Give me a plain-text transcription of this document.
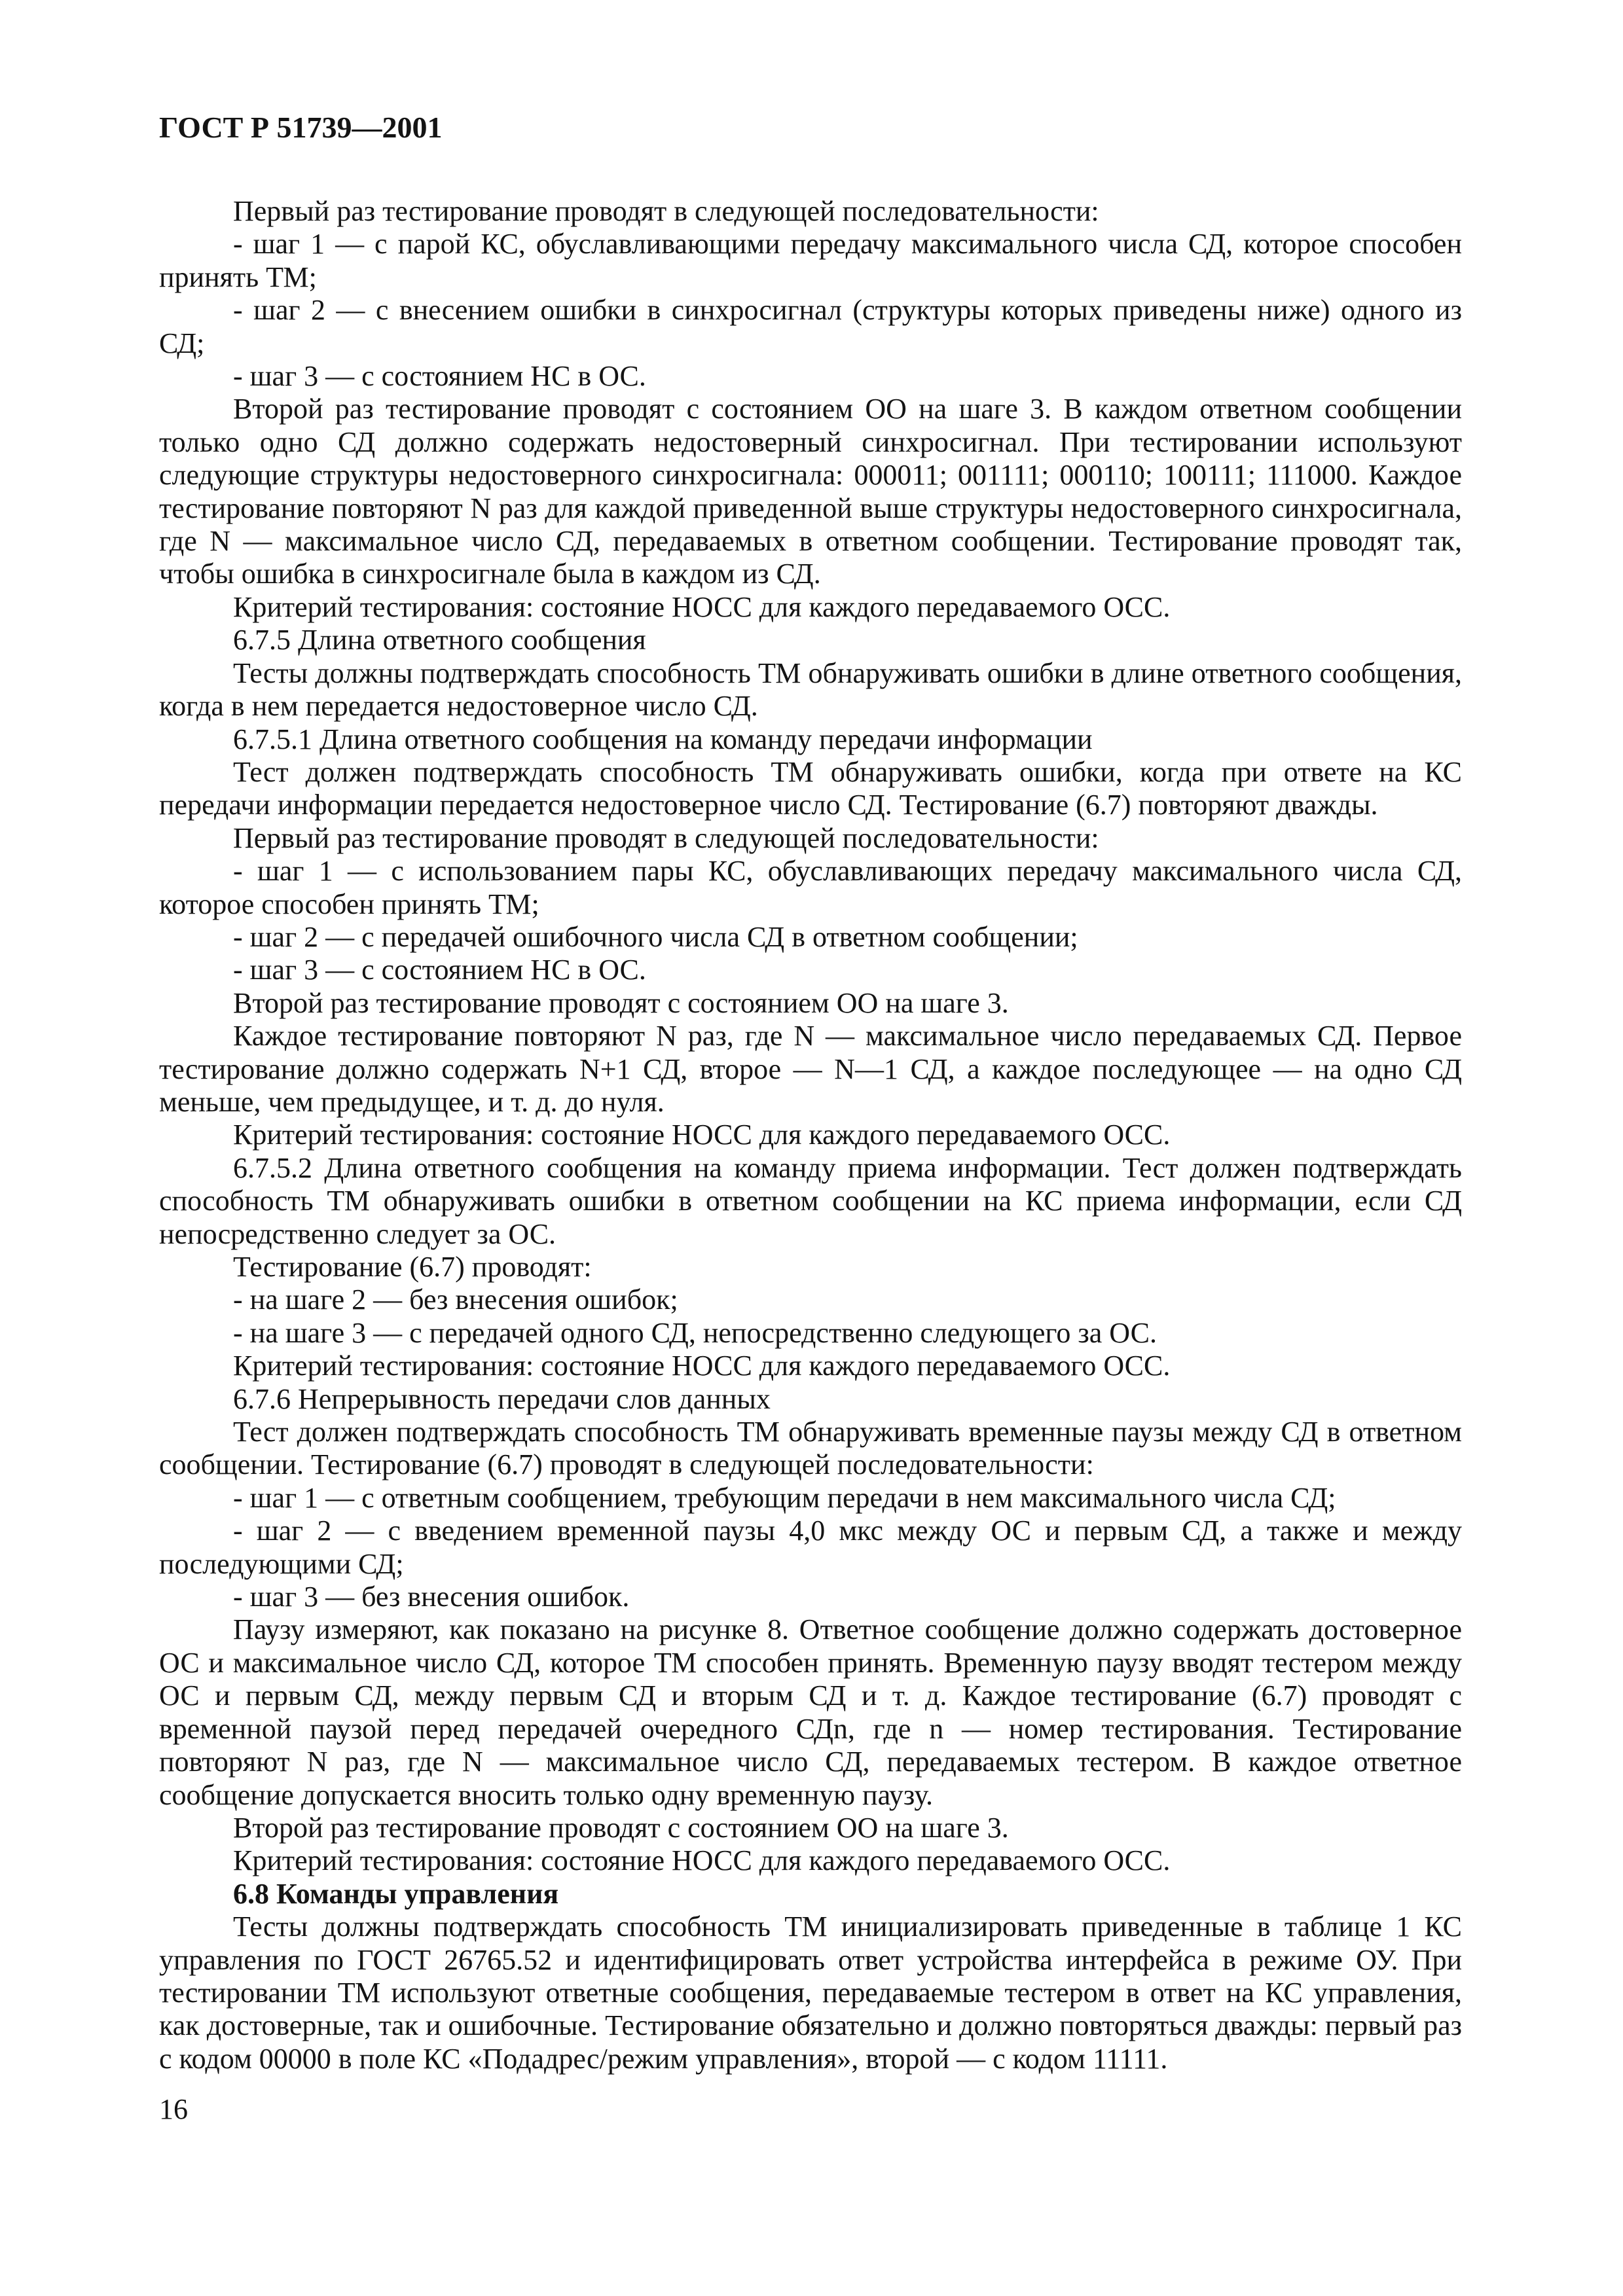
ГОСТ Р 51739—2001

Первый раз тестирование проводят в следующей последовательности:

- шаг 1 — с парой КС, обуславливающими передачу максимального числа СД, которое способен принять ТМ;

- шаг 2 — с внесением ошибки в синхросигнал (структуры которых приведены ниже) одного из СД;

- шаг 3 — с состоянием НС в ОС.

Второй раз тестирование проводят с состоянием ОО на шаге 3. В каждом ответном сообщении только одно СД должно содержать недостоверный синхросигнал. При тестировании используют следующие структуры недостоверного синхросигнала: 000011; 001111; 000110; 100111; 111000. Каждое тестирование повторяют N раз для каждой приведенной выше структуры недостоверного синхросигнала, где N — максимальное число СД, передаваемых в ответном сообщении. Тестирование проводят так, чтобы ошибка в синхросигнале была в каждом из СД.

Критерий тестирования: состояние НОСС для каждого передаваемого ОСС.

6.7.5 Длина ответного сообщения

Тесты должны подтверждать способность ТМ обнаруживать ошибки в длине ответного сообщения, когда в нем передается недостоверное число СД.

6.7.5.1 Длина ответного сообщения на команду передачи информации

Тест должен подтверждать способность ТМ обнаруживать ошибки, когда при ответе на КС передачи информации передается недостоверное число СД. Тестирование (6.7) повторяют дважды.

Первый раз тестирование проводят в следующей последовательности:

- шаг 1 — с использованием пары КС, обуславливающих передачу максимального числа СД, которое способен принять ТМ;

- шаг 2 — с передачей ошибочного числа СД в ответном сообщении;

- шаг 3 — с состоянием НС в ОС.

Второй раз тестирование проводят с состоянием ОО на шаге 3.

Каждое тестирование повторяют N раз, где N — максимальное число передаваемых СД. Первое тестирование должно содержать N+1 СД, второе — N—1 СД, а каждое последующее — на одно СД меньше, чем предыдущее, и т. д. до нуля.

Критерий тестирования: состояние НОСС для каждого передаваемого ОСС.

6.7.5.2 Длина ответного сообщения на команду приема информации. Тест должен подтверждать способность ТМ обнаруживать ошибки в ответном сообщении на КС приема информации, если СД непосредственно следует за ОС.

Тестирование (6.7) проводят:

- на шаге 2 — без внесения ошибок;

- на шаге 3 — с передачей одного СД, непосредственно следующего за ОС.

Критерий тестирования: состояние НОСС для каждого передаваемого ОСС.

6.7.6 Непрерывность передачи слов данных

Тест должен подтверждать способность ТМ обнаруживать временные паузы между СД в ответном сообщении. Тестирование (6.7) проводят в следующей последовательности:

- шаг 1 — с ответным сообщением, требующим передачи в нем максимального числа СД;

- шаг 2 — с введением временной паузы 4,0 мкс между ОС и первым СД, а также и между последующими СД;

- шаг 3 — без внесения ошибок.

Паузу измеряют, как показано на рисунке 8. Ответное сообщение должно содержать достоверное ОС и максимальное число СД, которое ТМ способен принять. Временную паузу вводят тестером между ОС и первым СД, между первым СД и вторым СД и т. д. Каждое тестирование (6.7) проводят с временной паузой перед передачей очередного СДn, где n — номер тестирования. Тестирование повторяют N раз, где N — максимальное число СД, передаваемых тестером. В каждое ответное сообщение допускается вносить только одну временную паузу.

Второй раз тестирование проводят с состоянием ОО на шаге 3.

Критерий тестирования: состояние НОСС для каждого передаваемого ОСС.

6.8 Команды управления

Тесты должны подтверждать способность ТМ инициализировать приведенные в таблице 1 КС управления по ГОСТ 26765.52 и идентифицировать ответ устройства интерфейса в режиме ОУ. При тестировании ТМ используют ответные сообщения, передаваемые тестером в ответ на КС управления, как достоверные, так и ошибочные. Тестирование обязательно и должно повторяться дважды: первый раз с кодом 00000 в поле КС «Подадрес/режим управления», второй — с кодом 11111.

16
